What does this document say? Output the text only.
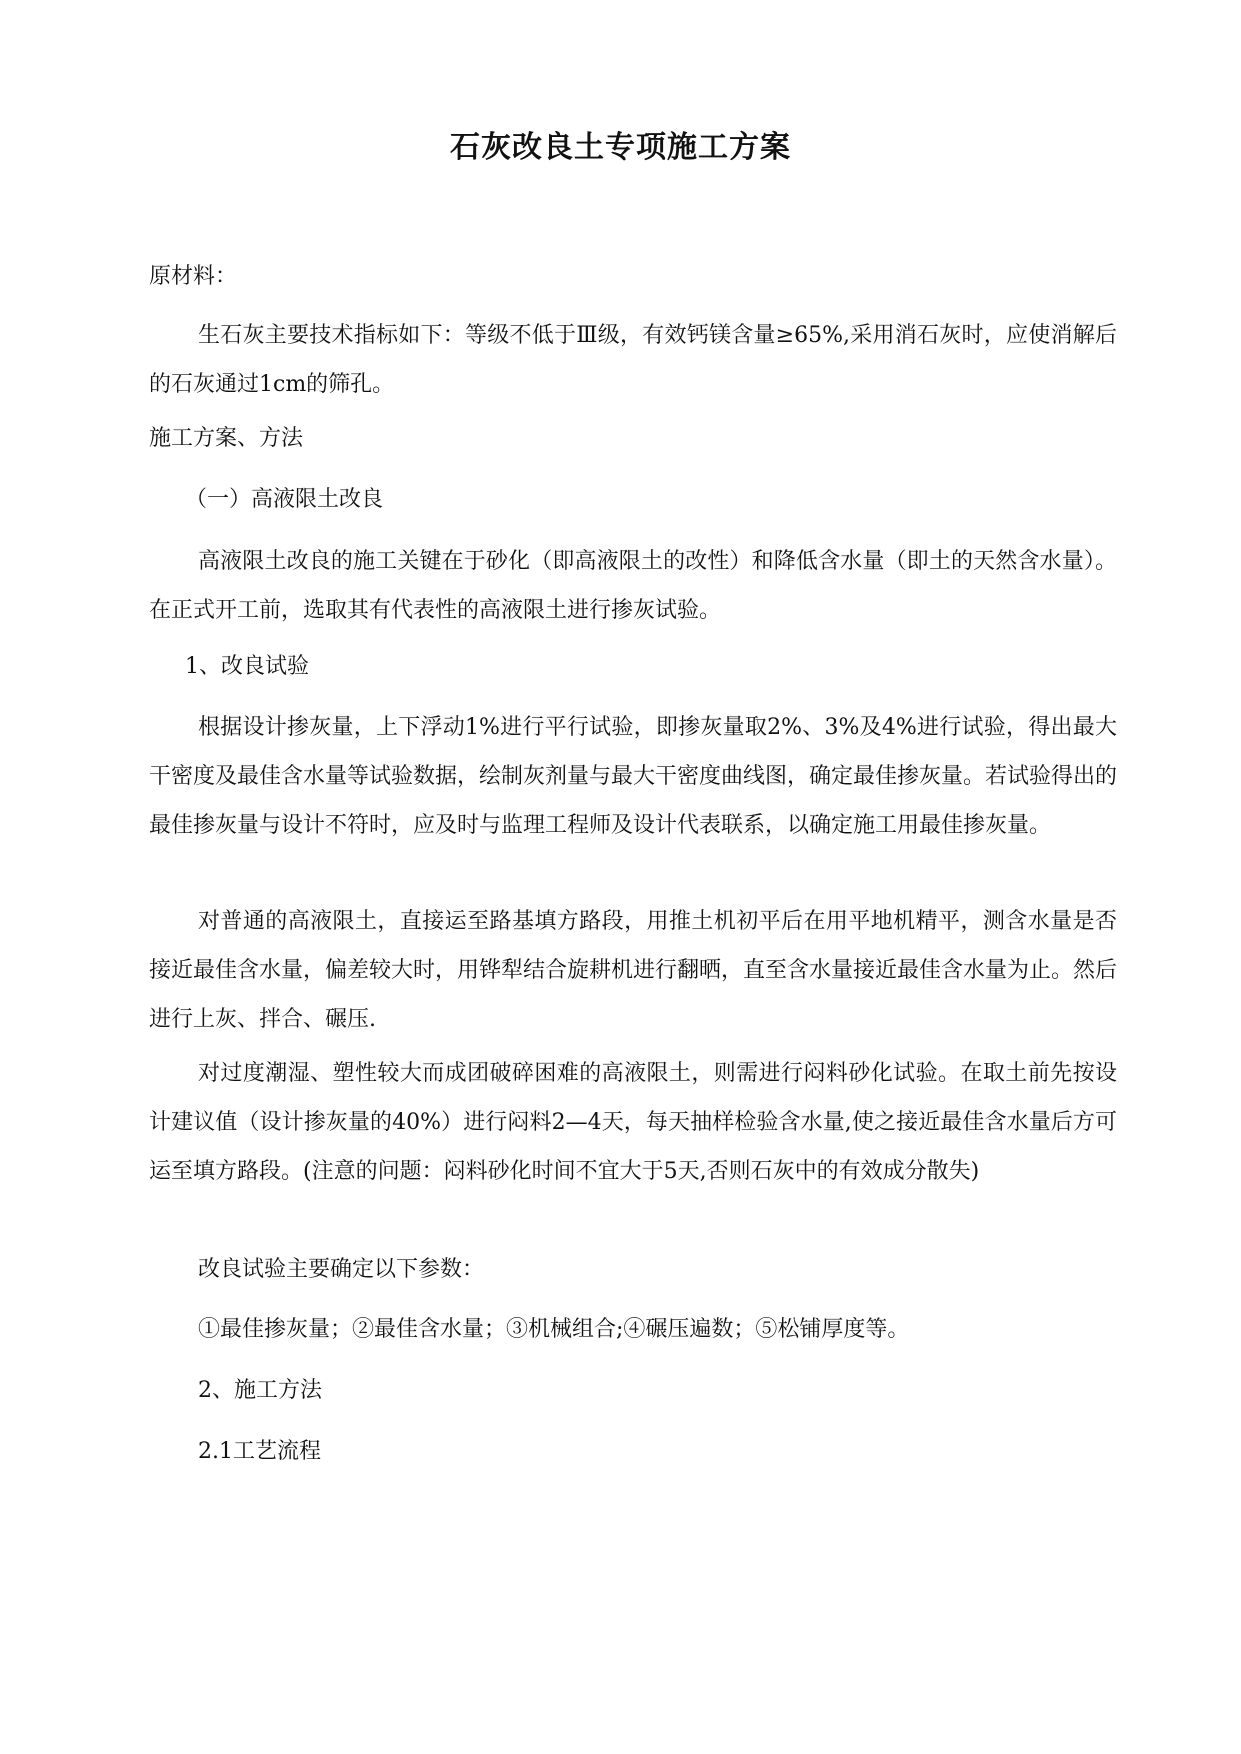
石灰改良土专项施工方案
原材料：
生石灰主要技术指标如下：等级不低于Ⅲ级，有效钙镁含量≥65%,采用消石灰时，应使消解后的石灰通过1cm的筛孔。
施工方案、方法
（一）高液限土改良
高液限土改良的施工关键在于砂化（即高液限土的改性）和降低含水量（即土的天然含水量）。在正式开工前，选取其有代表性的高液限土进行掺灰试验。
1、改良试验
根据设计掺灰量，上下浮动1%进行平行试验，即掺灰量取2%、3%及4%进行试验，得出最大干密度及最佳含水量等试验数据，绘制灰剂量与最大干密度曲线图，确定最佳掺灰量。若试验得出的最佳掺灰量与设计不符时，应及时与监理工程师及设计代表联系，以确定施工用最佳掺灰量。
对普通的高液限土，直接运至路基填方路段，用推土机初平后在用平地机精平，测含水量是否接近最佳含水量，偏差较大时，用铧犁结合旋耕机进行翻晒，直至含水量接近最佳含水量为止。然后进行上灰、拌合、碾压.
对过度潮湿、塑性较大而成团破碎困难的高液限土，则需进行闷料砂化试验。在取土前先按设计建议值（设计掺灰量的40%）进行闷料2—4天，每天抽样检验含水量,使之接近最佳含水量后方可运至填方路段。(注意的问题：闷料砂化时间不宜大于5天,否则石灰中的有效成分散失)
改良试验主要确定以下参数：
①最佳掺灰量；②最佳含水量；③机械组合;④碾压遍数；⑤松铺厚度等。
2、施工方法
2.1工艺流程
